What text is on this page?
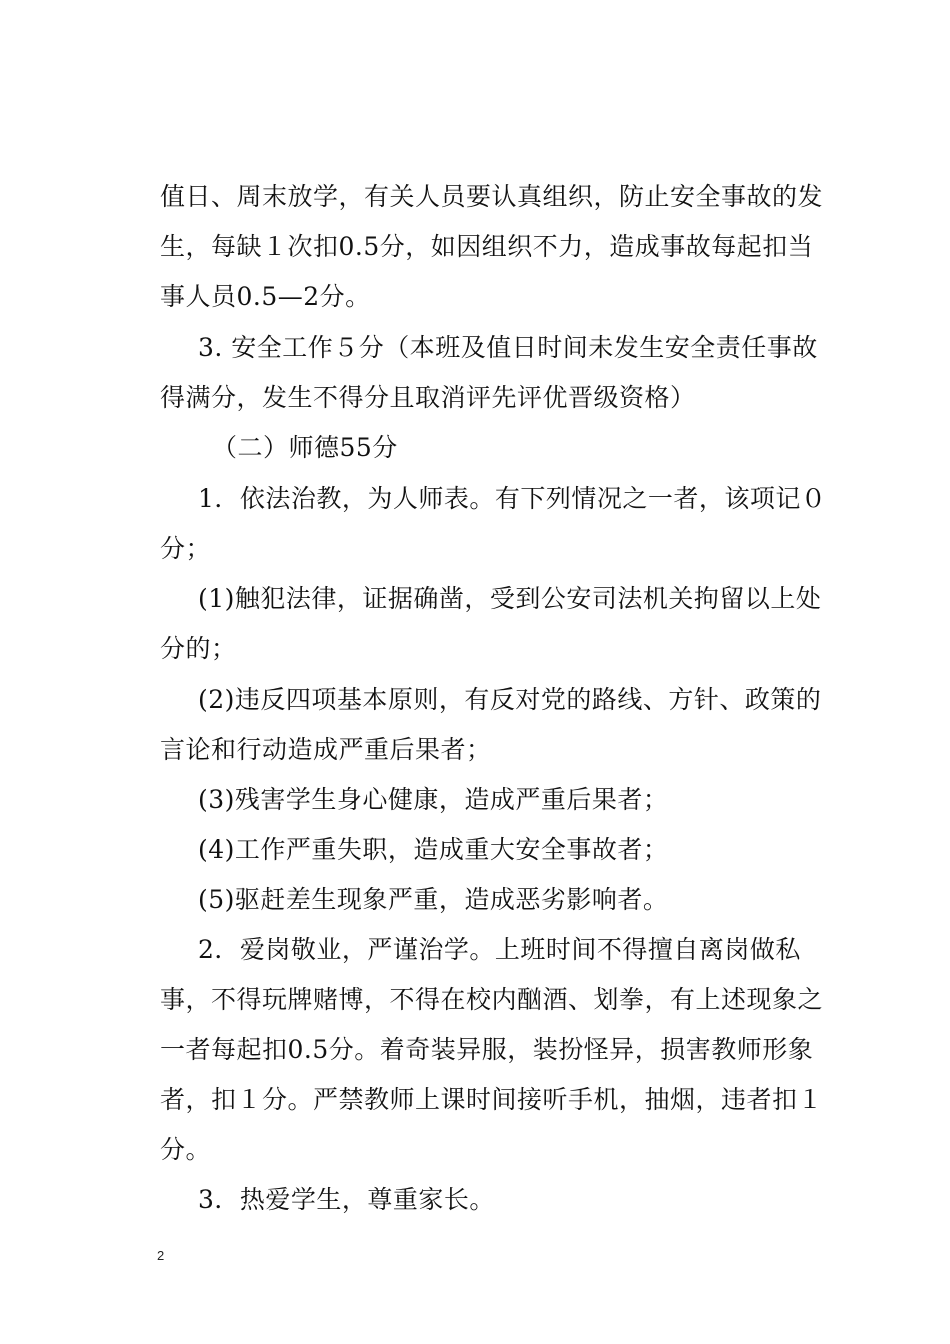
值日、周末放学，有关人员要认真组织，防止安全事故的发
生，每缺１次扣0.5分，如因组织不力，造成事故每起扣当
事人员0.5—2分。
3. 安全工作５分（本班及值日时间未发生安全责任事故
得满分，发生不得分且取消评先评优晋级资格）
（二）师德55分
1．依法治教，为人师表。有下列情况之一者，该项记０
分；
(1)触犯法律，证据确凿，受到公安司法机关拘留以上处
分的；
(2)违反四项基本原则，有反对党的路线、方针、政策的
言论和行动造成严重后果者；
(3)残害学生身心健康，造成严重后果者；
(4)工作严重失职，造成重大安全事故者；
(5)驱赶差生现象严重，造成恶劣影响者。
2．爱岗敬业，严谨治学。上班时间不得擅自离岗做私
事，不得玩牌赌博，不得在校内酗酒、划拳，有上述现象之
一者每起扣0.5分。着奇装异服，装扮怪异，损害教师形象
者，扣１分。严禁教师上课时间接听手机，抽烟，违者扣１
分。
3．热爱学生，尊重家长。
2
